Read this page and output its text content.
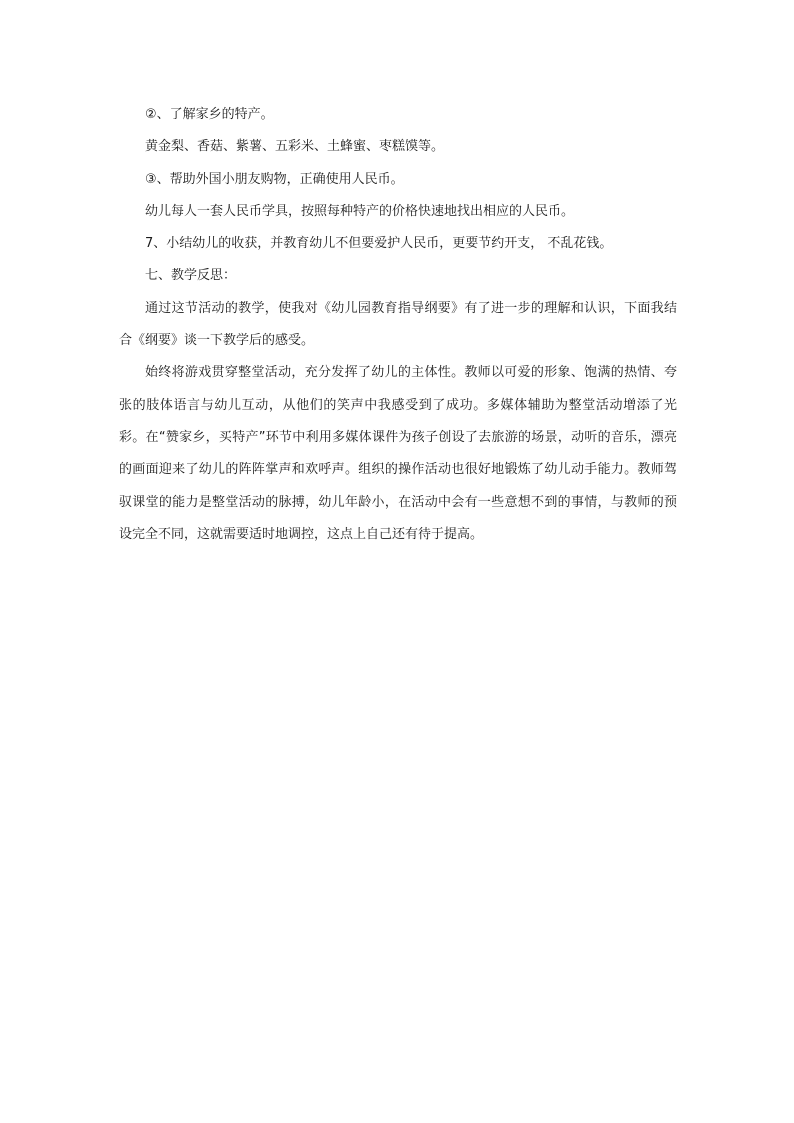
②、了解家乡的特产。

黄金梨、香菇、紫薯、五彩米、土蜂蜜、枣糕馍等。

③、帮助外国小朋友购物，正确使用人民币。

幼儿每人一套人民币学具，按照每种特产的价格快速地找出相应的人民币。

7、小结幼儿的收获，并教育幼儿不但要爱护人民币，更要节约开支， 不乱花钱。

七、教学反思：

通过这节活动的教学，使我对《幼儿园教育指导纲要》有了进一步的理解和认识，下面我结合《纲要》谈一下教学后的感受。

始终将游戏贯穿整堂活动，充分发挥了幼儿的主体性。教师以可爱的形象、饱满的热情、夸张的肢体语言与幼儿互动，从他们的笑声中我感受到了成功。多媒体辅助为整堂活动增添了光彩。在“赞家乡，买特产”环节中利用多媒体课件为孩子创设了去旅游的场景，动听的音乐，漂亮的画面迎来了幼儿的阵阵掌声和欢呼声。组织的操作活动也很好地锻炼了幼儿动手能力。教师驾驭课堂的能力是整堂活动的脉搏，幼儿年龄小，在活动中会有一些意想不到的事情，与教师的预设完全不同，这就需要适时地调控，这点上自己还有待于提高。
